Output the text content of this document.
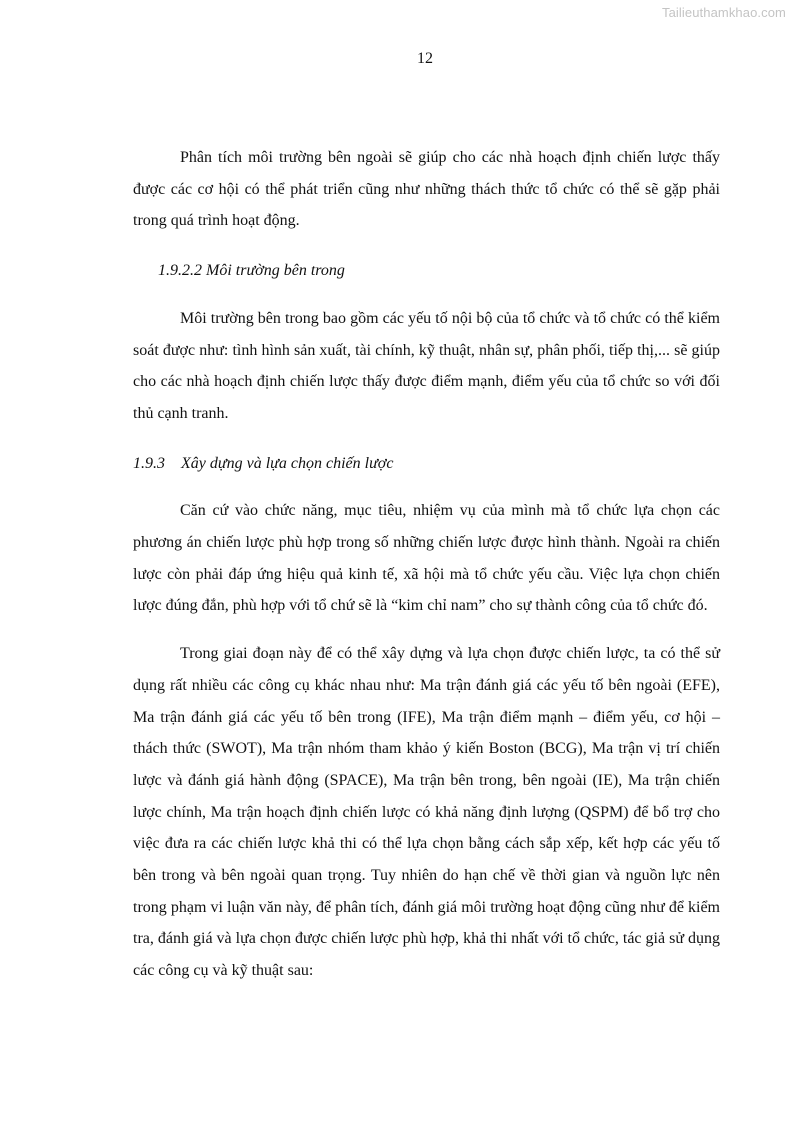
Tailieuthamkhao.com
12

Phân tích môi trường bên ngoài sẽ giúp cho các nhà hoạch định chiến lược thấy được các cơ hội có thể phát triển cũng như những thách thức tổ chức có thể sẽ gặp phải trong quá trình hoạt động.

1.9.2.2 Môi trường bên trong

Môi trường bên trong bao gồm các yếu tố nội bộ của tổ chức và tổ chức có thể kiểm soát được như: tình hình sản xuất, tài chính, kỹ thuật, nhân sự, phân phối, tiếp thị,... sẽ giúp cho các nhà hoạch định chiến lược thấy được điểm mạnh, điểm yếu của tổ chức so với đối thủ cạnh tranh.

1.9.3 Xây dựng và lựa chọn chiến lược

Căn cứ vào chức năng, mục tiêu, nhiệm vụ của mình mà tổ chức lựa chọn các phương án chiến lược phù hợp trong số những chiến lược được hình thành. Ngoài ra chiến lược còn phải đáp ứng hiệu quả kinh tế, xã hội mà tổ chức yếu cầu. Việc lựa chọn chiến lược đúng đắn, phù hợp với tổ chứ sẽ là “kim chỉ nam” cho sự thành công của tổ chức đó.

Trong giai đoạn này để có thể xây dựng và lựa chọn được chiến lược, ta có thể sử dụng rất nhiều các công cụ khác nhau như: Ma trận đánh giá các yếu tố bên ngoài (EFE), Ma trận đánh giá các yếu tố bên trong (IFE), Ma trận điểm mạnh – điểm yếu, cơ hội – thách thức (SWOT), Ma trận nhóm tham khảo ý kiến Boston (BCG), Ma trận vị trí chiến lược và đánh giá hành động (SPACE), Ma trận bên trong, bên ngoài (IE), Ma trận chiến lược chính, Ma trận hoạch định chiến lược có khả năng định lượng (QSPM) để bổ trợ cho việc đưa ra các chiến lược khả thi có thể lựa chọn bằng cách sắp xếp, kết hợp các yếu tố bên trong và bên ngoài quan trọng. Tuy nhiên do hạn chế về thời gian và nguồn lực nên trong phạm vi luận văn này, để phân tích, đánh giá môi trường hoạt động cũng như để kiểm tra, đánh giá và lựa chọn được chiến lược phù hợp, khả thi nhất với tổ chức, tác giả sử dụng các công cụ và kỹ thuật sau:
